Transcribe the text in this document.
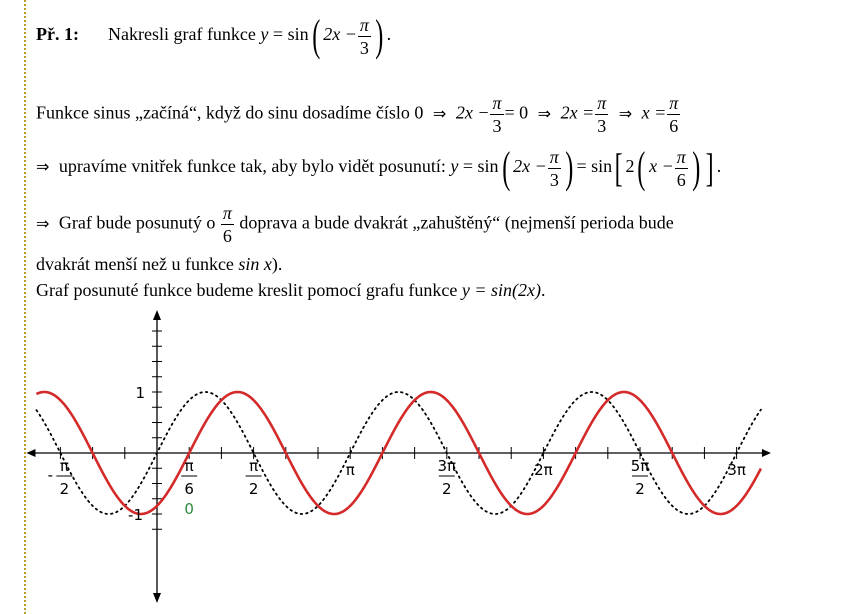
Př. 1: Nakresli graf funkce y = sin( $2x - \frac{\pi}{3}$ ) .
Funkce sinus „začíná“, když do sinu dosadíme číslo 0 ⇒ $2x - \frac{\pi}{3} = 0$ ⇒ $2x = \frac{\pi}{3}$ ⇒ $x = \frac{\pi}{6}$
⇒ upravíme vnitřek funkce tak, aby bylo vidět posunutí: y = sin( $2x - \frac{\pi}{3}$ ) = sin[ 2( $x - \frac{\pi}{6}$ ) ] .
⇒ Graf bude posunutý o $\frac{\pi}{6}$ doprava a bude dvakrát „zahuštěný“ (nejmenší perioda bude
dvakrát menší než u funkce sin x).
Graf posunuté funkce budeme kreslit pomocí grafu funkce y = sin(2x).
1
-1
π
2
-	π
6
0
π
2
π	3π
2
2π	5π
2
3π
